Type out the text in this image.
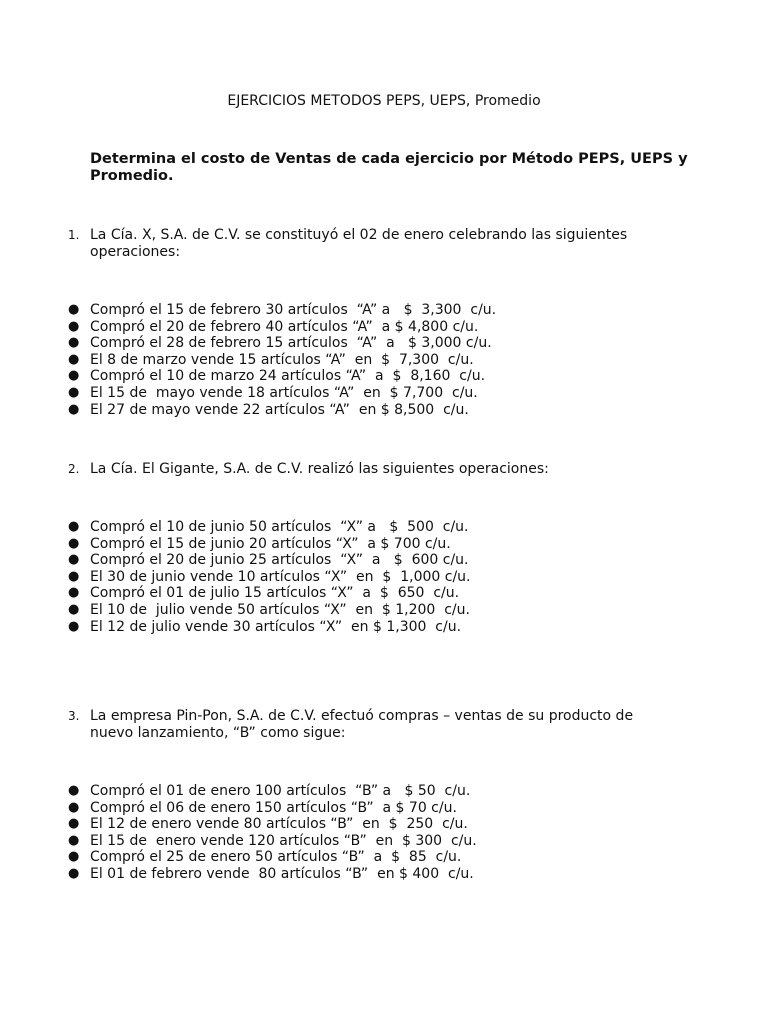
EJERCICIOS METODOS PEPS, UEPS, Promedio

Determina el costo de Ventas de cada ejercicio por Método PEPS, UEPS y Promedio.

1. La Cía. X, S.A. de C.V. se constituyó el 02 de enero celebrando las siguientes operaciones:
● Compró el 15 de febrero 30 artículos  “A” a   $  3,300  c/u.
● Compró el 20 de febrero 40 artículos “A”  a $ 4,800 c/u.
● Compró el 28 de febrero 15 artículos  “A”  a   $ 3,000 c/u.
● El 8 de marzo vende 15 artículos “A”  en  $  7,300  c/u.
● Compró el 10 de marzo 24 artículos “A”  a  $  8,160  c/u.
● El 15 de  mayo vende 18 artículos “A”  en  $ 7,700  c/u.
● El 27 de mayo vende 22 artículos “A”  en $ 8,500  c/u.
2. La Cía. El Gigante, S.A. de C.V. realizó las siguientes operaciones:
● Compró el 10 de junio 50 artículos  “X” a   $  500  c/u.
● Compró el 15 de junio 20 artículos “X”  a $ 700 c/u.
● Compró el 20 de junio 25 artículos  “X”  a   $  600 c/u.
● El 30 de junio vende 10 artículos “X”  en  $  1,000 c/u.
● Compró el 01 de julio 15 artículos “X”  a  $  650  c/u.
● El 10 de  julio vende 50 artículos “X”  en  $ 1,200  c/u.
● El 12 de julio vende 30 artículos “X”  en $ 1,300  c/u.
3. La empresa Pin-Pon, S.A. de C.V. efectuó compras – ventas de su producto de nuevo lanzamiento, “B” como sigue:
● Compró el 01 de enero 100 artículos  “B” a   $ 50  c/u.
● Compró el 06 de enero 150 artículos “B”  a $ 70 c/u.
● El 12 de enero vende 80 artículos “B”  en  $  250  c/u.
● El 15 de  enero vende 120 artículos “B”  en  $ 300  c/u.
● Compró el 25 de enero 50 artículos “B”  a  $  85  c/u.
● El 01 de febrero vende  80 artículos “B”  en $ 400  c/u.
